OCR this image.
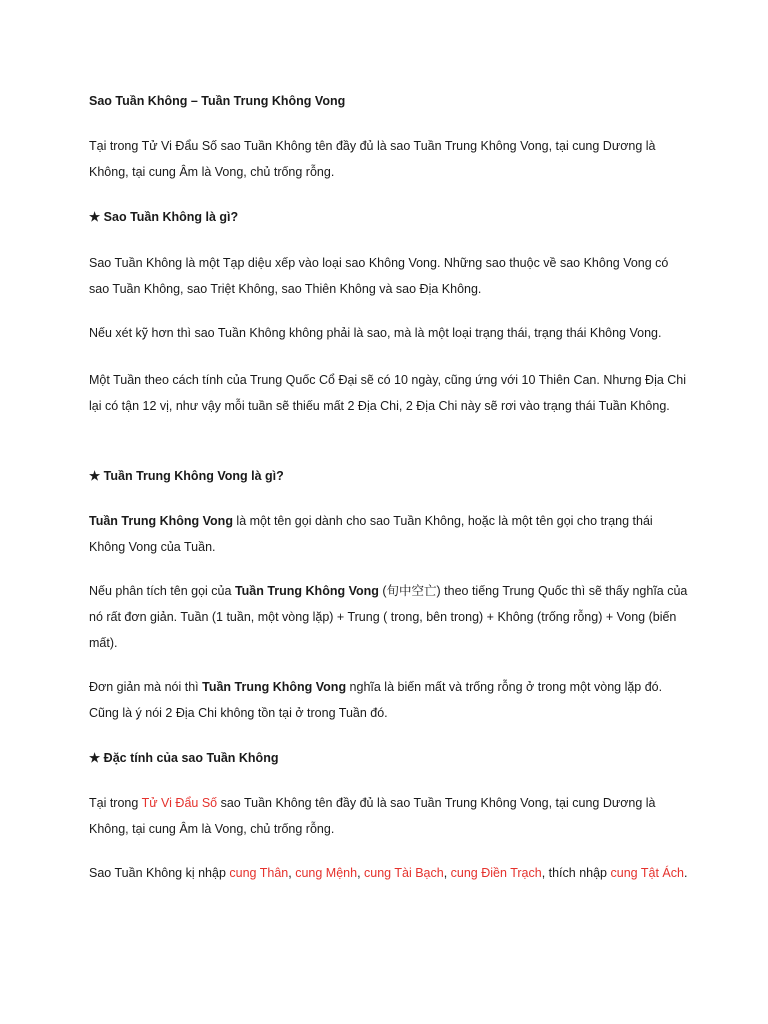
Sao Tuần Không – Tuần Trung Không Vong
Tại trong Tử Vi Đẩu Số sao Tuần Không tên đầy đủ là sao Tuần Trung Không Vong, tại cung Dương là Không, tại cung Âm là Vong, chủ trống rỗng.
★ Sao Tuần Không là gì?
Sao Tuần Không là một Tạp diệu xếp vào loại sao Không Vong. Những sao thuộc về sao Không Vong có sao Tuần Không, sao Triệt Không, sao Thiên Không và sao Địa Không.
Nếu xét kỹ hơn thì sao Tuần Không không phải là sao, mà là một loại trạng thái, trạng thái Không Vong.
Một Tuần theo cách tính của Trung Quốc Cổ Đại sẽ có 10 ngày, cũng ứng với 10 Thiên Can. Nhưng Địa Chi lại có tận 12 vị, như vậy mỗi tuần sẽ thiếu mất 2 Địa Chi, 2 Địa Chi này sẽ rơi vào trạng thái Tuần Không.
★ Tuần Trung Không Vong là gì?
Tuần Trung Không Vong là một tên gọi dành cho sao Tuần Không, hoặc là một tên gọi cho trạng thái Không Vong của Tuần.
Nếu phân tích tên gọi của Tuần Trung Không Vong (旬中空亡) theo tiếng Trung Quốc thì sẽ thấy nghĩa của nó rất đơn giản. Tuần (1 tuần, một vòng lặp) + Trung ( trong, bên trong) + Không (trống rỗng) + Vong (biến mất).
Đơn giản mà nói thì Tuần Trung Không Vong nghĩa là biến mất và trống rỗng ở trong một vòng lặp đó. Cũng là ý nói 2 Địa Chi không tồn tại ở trong Tuần đó.
★ Đặc tính của sao Tuần Không
Tại trong Tử Vi Đẩu Số sao Tuần Không tên đầy đủ là sao Tuần Trung Không Vong, tại cung Dương là Không, tại cung Âm là Vong, chủ trống rỗng.
Sao Tuần Không kị nhập cung Thân, cung Mệnh, cung Tài Bạch, cung Điền Trạch, thích nhập cung Tật Ách.
